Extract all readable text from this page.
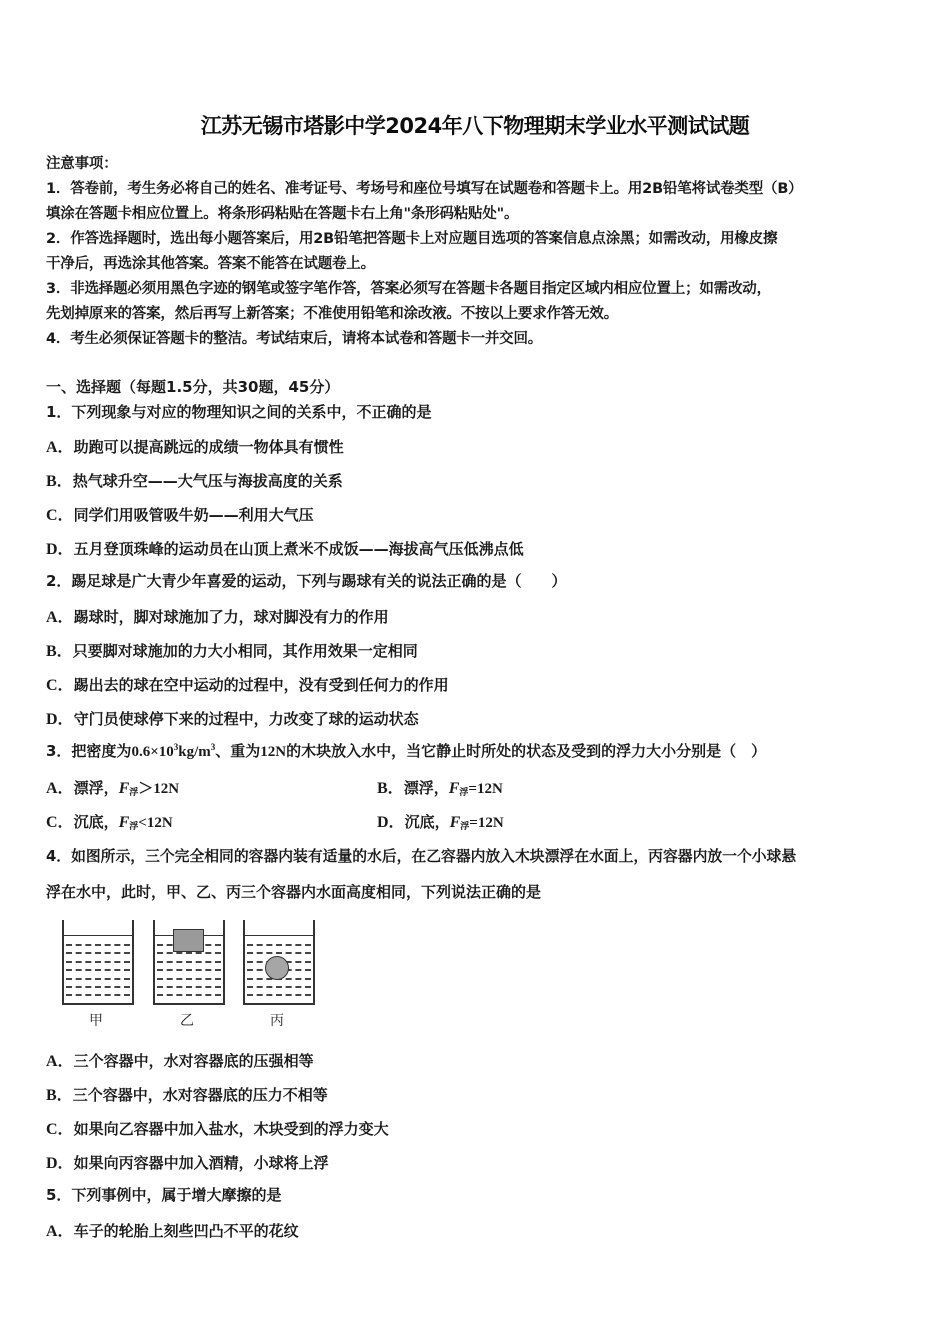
江苏无锡市塔影中学2024年八下物理期末学业水平测试试题
注意事项：
1．答卷前，考生务必将自己的姓名、准考证号、考场号和座位号填写在试题卷和答题卡上。用2B铅笔将试卷类型（B）
填涂在答题卡相应位置上。将条形码粘贴在答题卡右上角"条形码粘贴处"。
2．作答选择题时，选出每小题答案后，用2B铅笔把答题卡上对应题目选项的答案信息点涂黑；如需改动，用橡皮擦
干净后，再选涂其他答案。答案不能答在试题卷上。
3．非选择题必须用黑色字迹的钢笔或签字笔作答，答案必须写在答题卡各题目指定区域内相应位置上；如需改动，
先划掉原来的答案，然后再写上新答案；不准使用铅笔和涂改液。不按以上要求作答无效。
4．考生必须保证答题卡的整洁。考试结束后，请将本试卷和答题卡一并交回。
一、选择题（每题1.5分，共30题，45分）
1．下列现象与对应的物理知识之间的关系中，不正确的是
A．助跑可以提高跳远的成绩一物体具有惯性
B．热气球升空——大气压与海拔高度的关系
C．同学们用吸管吸牛奶——利用大气压
D．五月登顶珠峰的运动员在山顶上煮米不成饭——海拔高气压低沸点低
2．踢足球是广大青少年喜爱的运动，下列与踢球有关的说法正确的是（　　）
A．踢球时，脚对球施加了力，球对脚没有力的作用
B．只要脚对球施加的力大小相同，其作用效果一定相同
C．踢出去的球在空中运动的过程中，没有受到任何力的作用
D．守门员使球停下来的过程中，力改变了球的运动状态
3．把密度为$0.6\times 10^3kg/m^3$、重为12N的木块放入水中，当它静止时所处的状态及受到的浮力大小分别是（　）
A．漂浮，$F_浮>12N$	B．漂浮，$F_浮=12N$
C．沉底，$F_浮<12N$	D．沉底，$F_浮=12N$
4．如图所示，三个完全相同的容器内装有适量的水后，在乙容器内放入木块漂浮在水面上，丙容器内放一个小球悬
浮在水中，此时，甲、乙、丙三个容器内水面高度相同，下列说法正确的是
甲	乙	丙
A．三个容器中，水对容器底的压强相等
B．三个容器中，水对容器底的压力不相等
C．如果向乙容器中加入盐水，木块受到的浮力变大
D．如果向丙容器中加入酒精，小球将上浮
5．下列事例中，属于增大摩擦的是
A．车子的轮胎上刻些凹凸不平的花纹
